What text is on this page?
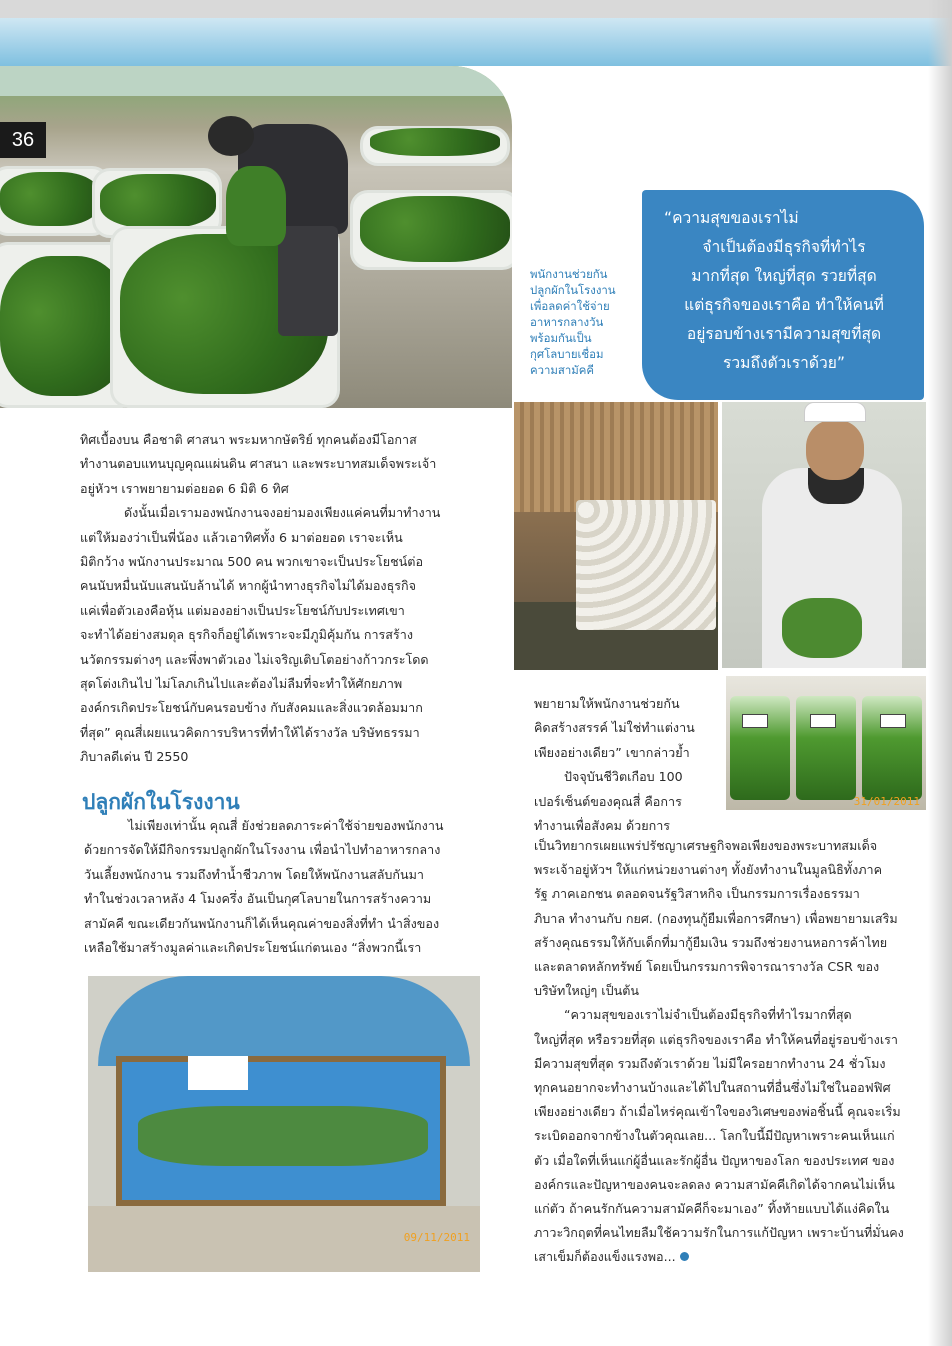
36
พนักงานช่วยกัน
ปลูกผักในโรงงาน
เพื่อลดค่าใช้จ่าย
อาหารกลางวัน
พร้อมกันเป็น
กุศโลบายเชื่อม
ความสามัคคี
“ความสุขของเราไม่
จำเป็นต้องมีธุรกิจที่ทำไร
มากที่สุด ใหญ่ที่สุด รวยที่สุด
แต่ธุรกิจของเราคือ ทำให้คนที่
อยู่รอบข้างเรามีความสุขที่สุด
รวมถึงตัวเราด้วย”
31/01/2011
ทิศเบื้องบน คือชาติ ศาสนา พระมหากษัตริย์ ทุกคนต้องมีโอกาส
ทำงานตอบแทนบุญคุณแผ่นดิน ศาสนา และพระบาทสมเด็จพระเจ้า
อยู่หัวฯ เราพยายามต่อยอด 6 มิติ 6 ทิศ
ดังนั้นเมื่อเรามองพนักงานจงอย่ามองเพียงแค่คนที่มาทำงาน
แต่ให้มองว่าเป็นพี่น้อง แล้วเอาทิศทั้ง 6 มาต่อยอด เราจะเห็น
มิติกว้าง พนักงานประมาณ 500 คน พวกเขาจะเป็นประโยชน์ต่อ
คนนับหมื่นนับแสนนับล้านได้ หากผู้นำทางธุรกิจไม่ได้มองธุรกิจ
แค่เพื่อตัวเองคือหุ้น แต่มองอย่างเป็นประโยชน์กับประเทศเขา
จะทำได้อย่างสมดุล ธุรกิจก็อยู่ได้เพราะจะมีภูมิคุ้มกัน การสร้าง
นวัตกรรมต่างๆ และพึ่งพาตัวเอง ไม่เจริญเติบโตอย่างก้าวกระโดด
สุดโต่งเกินไป ไม่โลภเกินไปและต้องไม่ลืมที่จะทำให้ศักยภาพ
องค์กรเกิดประโยชน์กับคนรอบข้าง กับสังคมและสิ่งแวดล้อมมาก
ที่สุด” คุณสี่เผยแนวคิดการบริหารที่ทำให้ได้รางวัล บริษัทธรรมา
ภิบาลดีเด่น ปี 2550
ปลูกผักในโรงงาน
ไม่เพียงเท่านั้น คุณสี่ ยังช่วยลดภาระค่าใช้จ่ายของพนักงาน
ด้วยการจัดให้มีกิจกรรมปลูกผักในโรงงาน เพื่อนำไปทำอาหารกลาง
วันเลี้ยงพนักงาน รวมถึงทำน้ำชีวภาพ โดยให้พนักงานสลับกันมา
ทำในช่วงเวลาหลัง 4 โมงครึ่ง อันเป็นกุศโลบายในการสร้างความ
สามัคคี ขณะเดียวกันพนักงานก็ได้เห็นคุณค่าของสิ่งที่ทำ นำสิ่งของ
เหลือใช้มาสร้างมูลค่าและเกิดประโยชน์แก่ตนเอง “สิ่งพวกนี้เรา
09/11/2011
พยายามให้พนักงานช่วยกัน
คิดสร้างสรรค์ ไม่ใช่ทำแต่งาน
เพียงอย่างเดียว” เขากล่าวย้ำ
ปัจจุบันชีวิตเกือบ 100
เปอร์เซ็นต์ของคุณสี่ คือการ
ทำงานเพื่อสังคม ด้วยการ
เป็นวิทยากรเผยแพร่ปรัชญาเศรษฐกิจพอเพียงของพระบาทสมเด็จ
พระเจ้าอยู่หัวฯ ให้แก่หน่วยงานต่างๆ ทั้งยังทำงานในมูลนิธิทั้งภาค
รัฐ ภาคเอกชน ตลอดจนรัฐวิสาหกิจ เป็นกรรมการเรื่องธรรมา
ภิบาล ทำงานกับ กยศ. (กองทุนกู้ยืมเพื่อการศึกษา) เพื่อพยายามเสริม
สร้างคุณธรรมให้กับเด็กที่มากู้ยืมเงิน รวมถึงช่วยงานหอการค้าไทย
และตลาดหลักทรัพย์ โดยเป็นกรรมการพิจารณารางวัล CSR ของ
บริษัทใหญ่ๆ เป็นต้น
“ความสุขของเราไม่จำเป็นต้องมีธุรกิจที่ทำไรมากที่สุด
ใหญ่ที่สุด หรือรวยที่สุด แต่ธุรกิจของเราคือ ทำให้คนที่อยู่รอบข้างเรา
มีความสุขที่สุด รวมถึงตัวเราด้วย ไม่มีใครอยากทำงาน 24 ชั่วโมง
ทุกคนอยากจะทำงานบ้างและได้ไปในสถานที่อื่นซึ่งไม่ใช่ในออฟฟิศ
เพียงอย่างเดียว ถ้าเมื่อไหร่คุณเข้าใจของวิเศษของพ่อชิ้นนี้ คุณจะเริ่ม
ระเบิดออกจากข้างในตัวคุณเลย... โลกใบนี้มีปัญหาเพราะคนเห็นแก่
ตัว เมื่อใดที่เห็นแก่ผู้อื่นและรักผู้อื่น ปัญหาของโลก ของประเทศ ของ
องค์กรและปัญหาของคนจะลดลง ความสามัคคีเกิดได้จากคนไม่เห็น
แก่ตัว ถ้าคนรักกันความสามัคคีก็จะมาเอง” ทิ้งท้ายแบบได้แง่คิดใน
ภาวะวิกฤตที่คนไทยลืมใช้ความรักในการแก้ปัญหา เพราะบ้านที่มั่นคง
เสาเข็มก็ต้องแข็งแรงพอ...
